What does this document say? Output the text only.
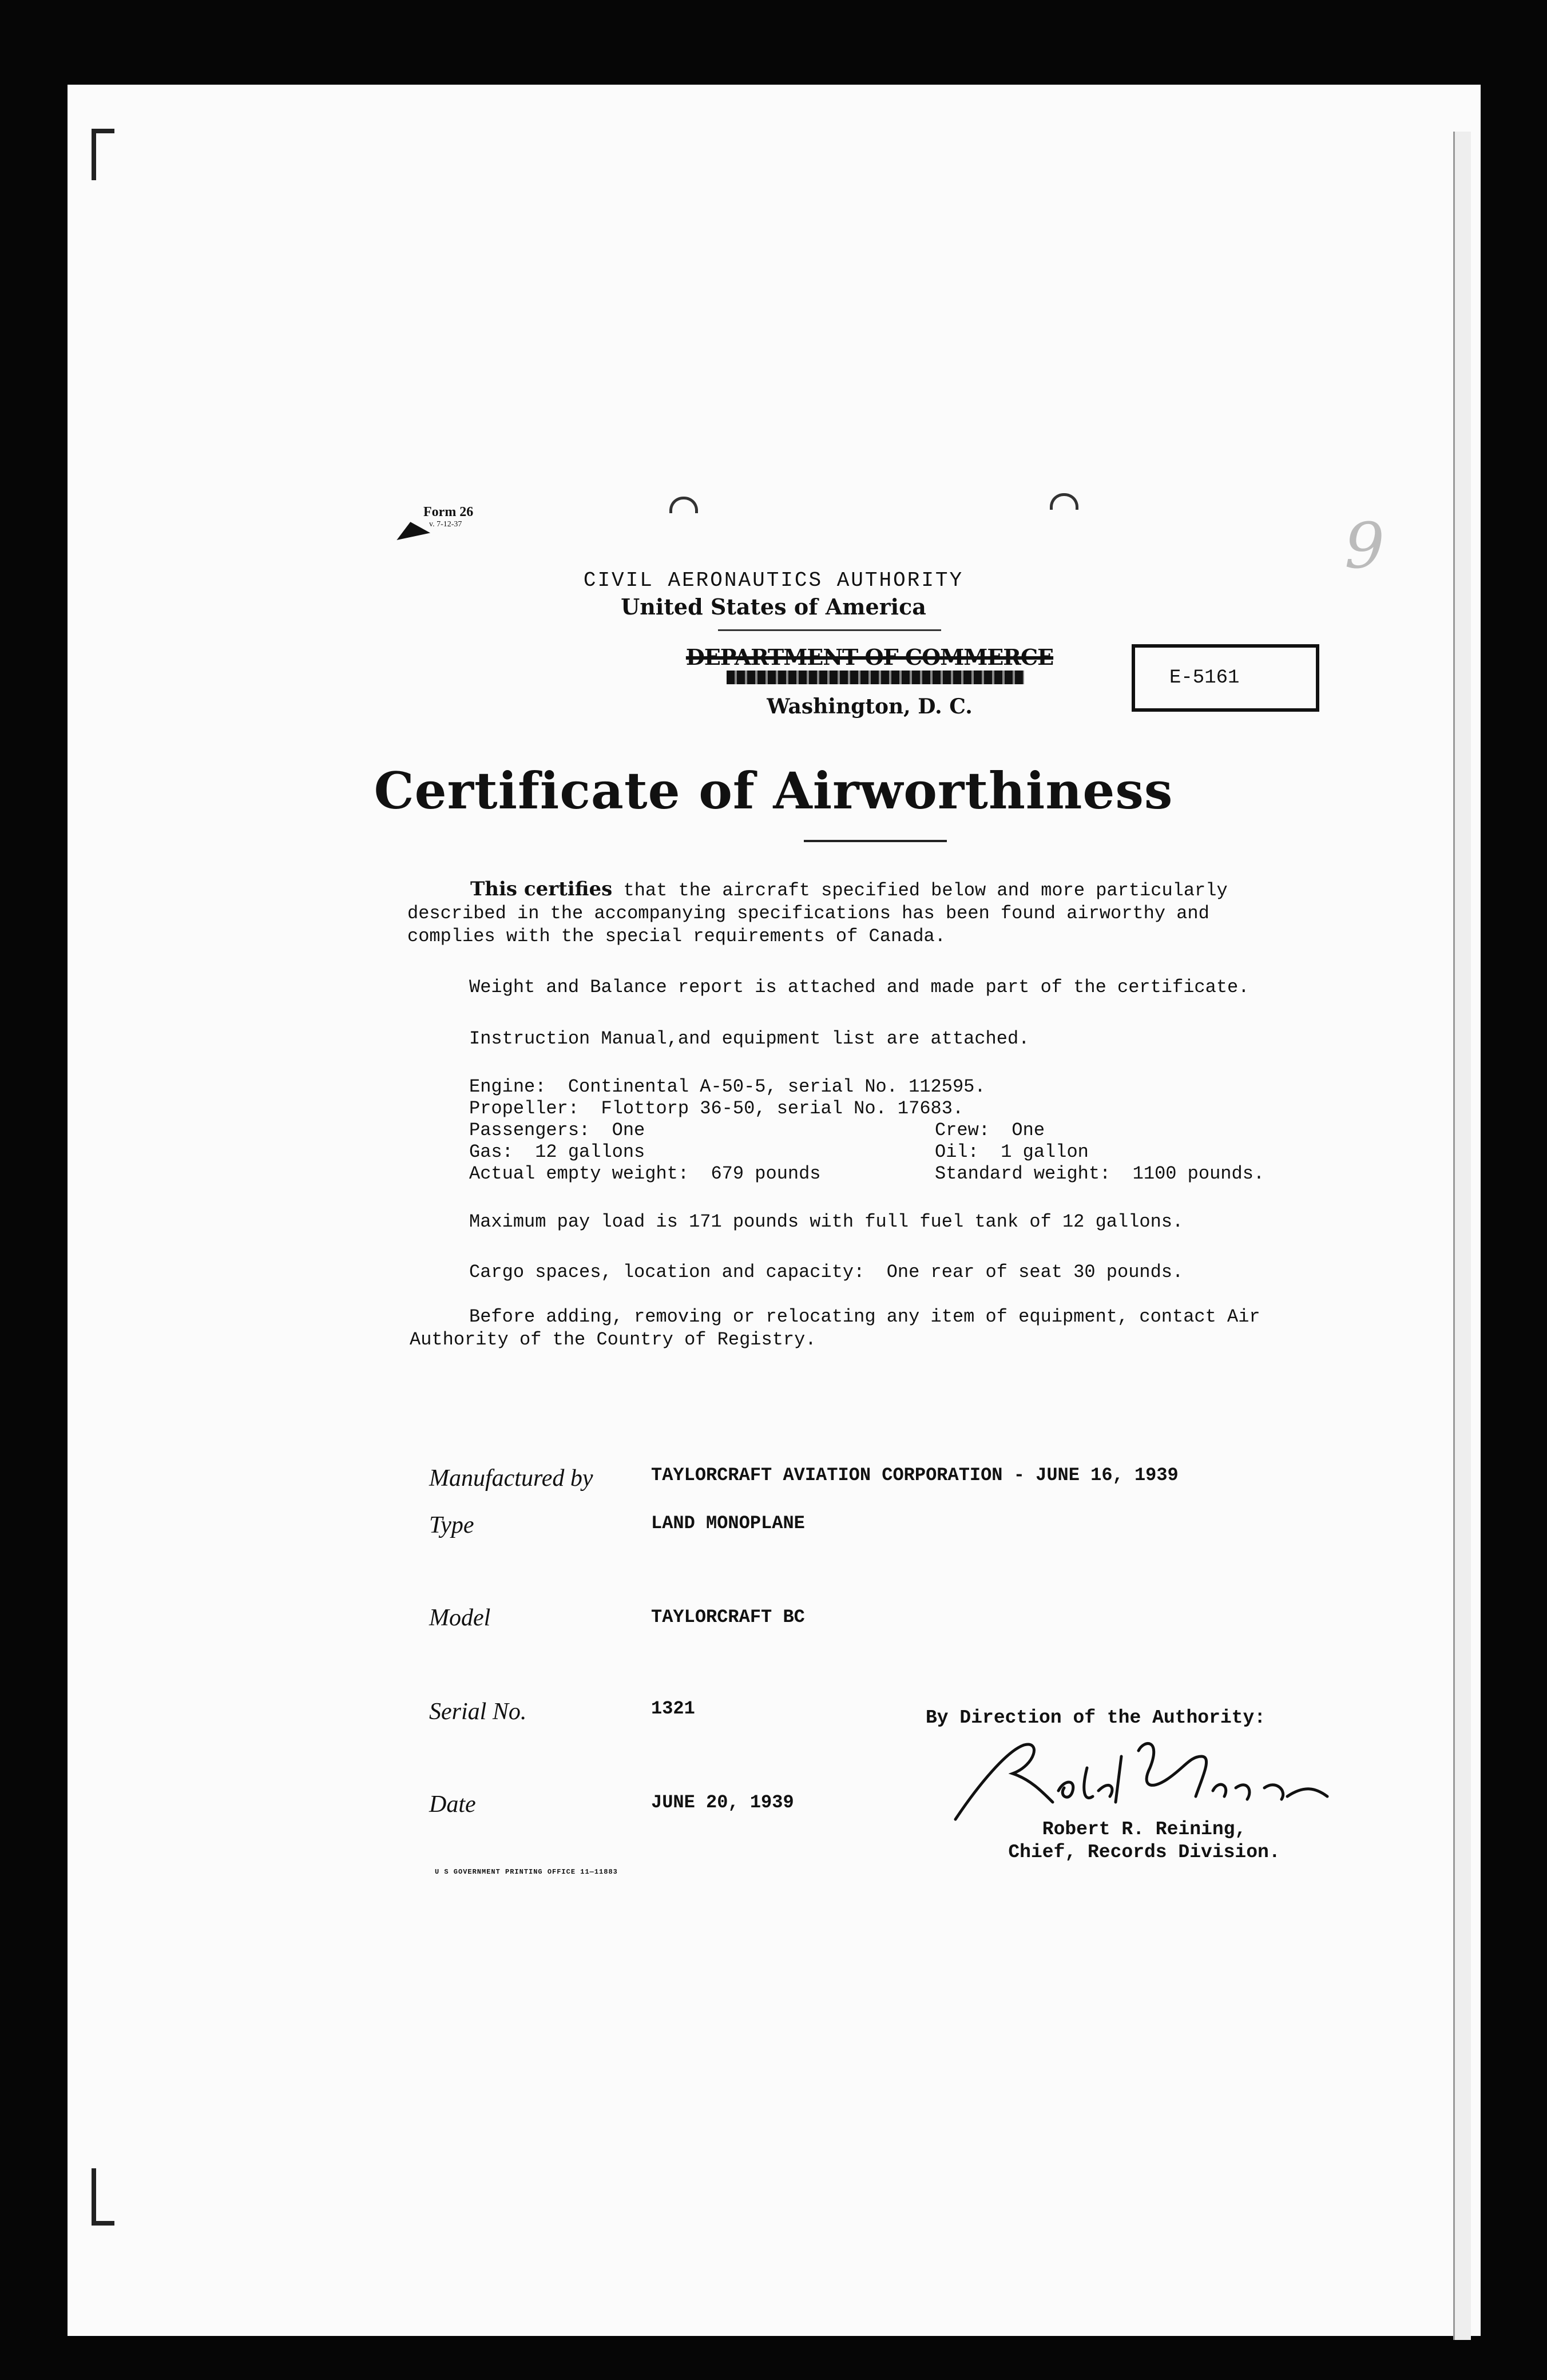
Form 26
v. 7-12-37	9
CIVIL AERONAUTICS AUTHORITY
United States of America
DEPARTMENT OF COMMERCE
Washington, D. C.
E-5161
Certificate of Airworthiness
This certifies that the aircraft specified below and more particularly
described in the accompanying specifications has been found airworthy and
complies with the special requirements of Canada.
Weight and Balance report is attached and made part of the certificate.
Instruction Manual,and equipment list are attached.
Engine:  Continental A-50-5, serial No. 112595.
Propeller:  Flottorp 36-50, serial No. 17683.
Passengers:  One	Crew:  One
Gas:  12 gallons	Oil:  1 gallon
Actual empty weight:  679 pounds	Standard weight:  1100 pounds.
Maximum pay load is 171 pounds with full fuel tank of 12 gallons.
Cargo spaces, location and capacity:  One rear of seat 30 pounds.
Before adding, removing or relocating any item of equipment, contact Air
Authority of the Country of Registry.
Manufactured by	TAYLORCRAFT AVIATION CORPORATION - JUNE 16, 1939
Type	LAND MONOPLANE
Model	TAYLORCRAFT BC
Serial No.	1321
Date	JUNE 20, 1939
By Direction of the Authority:
Robert R. Reining,
Chief, Records Division.
U S GOVERNMENT PRINTING OFFICE 11—11883
